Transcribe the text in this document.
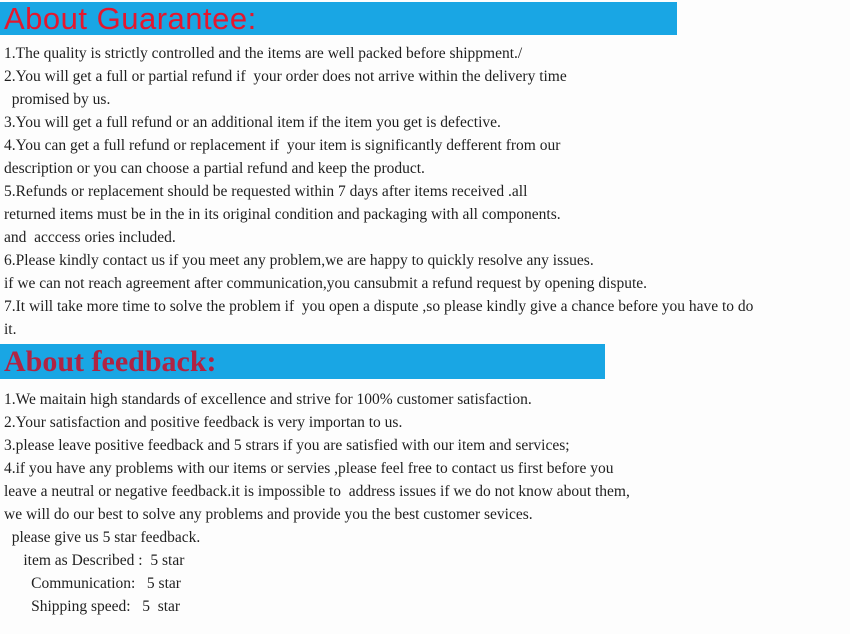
About Guarantee:
1.The quality is strictly controlled and the items are well packed before shippment./
2.You will get a full or partial refund if  your order does not arrive within the delivery time
promised by us.
3.You will get a full refund or an additional item if the item you get is defective.
4.You can get a full refund or replacement if  your item is significantly defferent from our
description or you can choose a partial refund and keep the product.
5.Refunds or replacement should be requested within 7 days after items received .all
returned items must be in the in its original condition and packaging with all components.
and  acccess ories included.
6.Please kindly contact us if you meet any problem,we are happy to quickly resolve any issues.
if we can not reach agreement after communication,you cansubmit a refund request by opening dispute.
7.It will take more time to solve the problem if  you open a dispute ,so please kindly give a chance before you have to do
it.
About feedback:
1.We maitain high standards of excellence and strive for 100% customer satisfaction.
2.Your satisfaction and positive feedback is very importan to us.
3.please leave positive feedback and 5 strars if you are satisfied with our item and services;
4.if you have any problems with our items or servies ,please feel free to contact us first before you
leave a neutral or negative feedback.it is impossible to  address issues if we do not know about them,
we will do our best to solve any problems and provide you the best customer sevices.
please give us 5 star feedback.
item as Described :  5 star
Communication:   5 star
Shipping speed:   5  star
